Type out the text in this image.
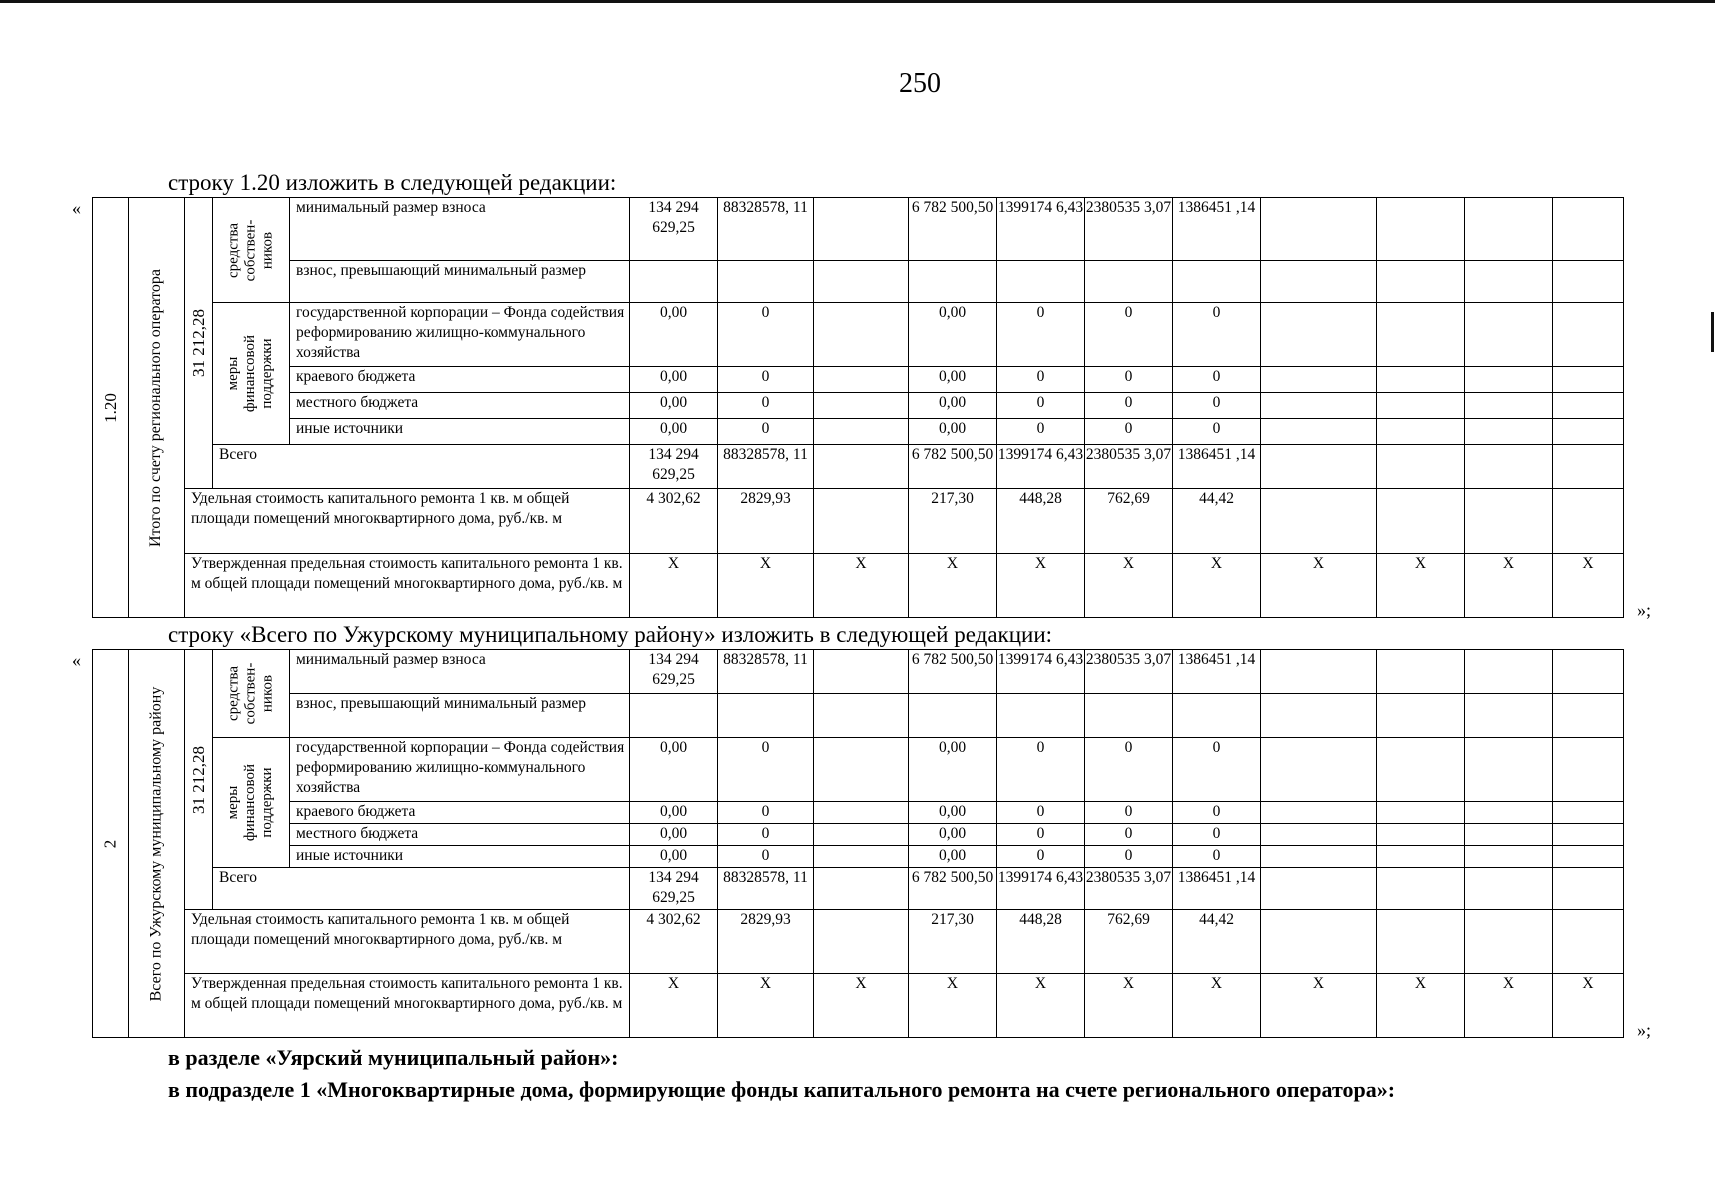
250
строку 1.20 изложить в следующей редакции:
«
1.20	Итого по счету регионального оператора	31 212,28	средства собствен-ников	минимальный размер взноса	134 294 629,25	88328578, 11		6 782 500,50	1399174 6,43	2380535 3,07	1386451 ,14				
				взнос, превышающий минимальный размер											

			меры финансовой поддержки	государственной корпорации – Фонда содействия реформированию жилищно-коммунального хозяйства	0,00	0		0,00	0	0	0				
				краевого бюджета	0,00	0		0,00	0	0	0				
				местного бюджета	0,00	0		0,00	0	0	0				
				иные источники	0,00	0		0,00	0	0	0				
			Всего		134 294 629,25	88328578, 11		6 782 500,50	1399174 6,43	2380535 3,07	1386451 ,14				
		Удельная стоимость капитального ремонта 1 кв. м общей площади помещений многоквартирного дома, руб./кв. м			4 302,62	2829,93		217,30	448,28	762,69	44,42				
		Утвержденная предельная стоимость капитального ремонта 1 кв. м общей площади помещений многоквартирного дома, руб./кв. м			X	X	X	X	X	X	X	X	X	X	X
»;
строку «Всего по Ужурскому муниципальному району» изложить в следующей редакции:
«
2	Всего по Ужурскому муниципальному району	31 212,28	средства собствен-ников	минимальный размер взноса	134 294 629,25	88328578, 11		6 782 500,50	1399174 6,43	2380535 3,07	1386451 ,14				
				взнос, превышающий минимальный размер											

			меры финансовой поддержки	государственной корпорации – Фонда содействия реформированию жилищно-коммунального хозяйства	0,00	0		0,00	0	0	0				
				краевого бюджета	0,00	0		0,00	0	0	0				
				местного бюджета	0,00	0		0,00	0	0	0				
				иные источники	0,00	0		0,00	0	0	0				
			Всего		134 294 629,25	88328578, 11		6 782 500,50	1399174 6,43	2380535 3,07	1386451 ,14				
		Удельная стоимость капитального ремонта 1 кв. м общей площади помещений многоквартирного дома, руб./кв. м			4 302,62	2829,93		217,30	448,28	762,69	44,42				
		Утвержденная предельная стоимость капитального ремонта 1 кв. м общей площади помещений многоквартирного дома, руб./кв. м			X	X	X	X	X	X	X	X	X	X	X
»;
в разделе «Уярский муниципальный район»:
в подразделе 1 «Многоквартирные дома, формирующие фонды капитального ремонта на счете регионального оператора»:
